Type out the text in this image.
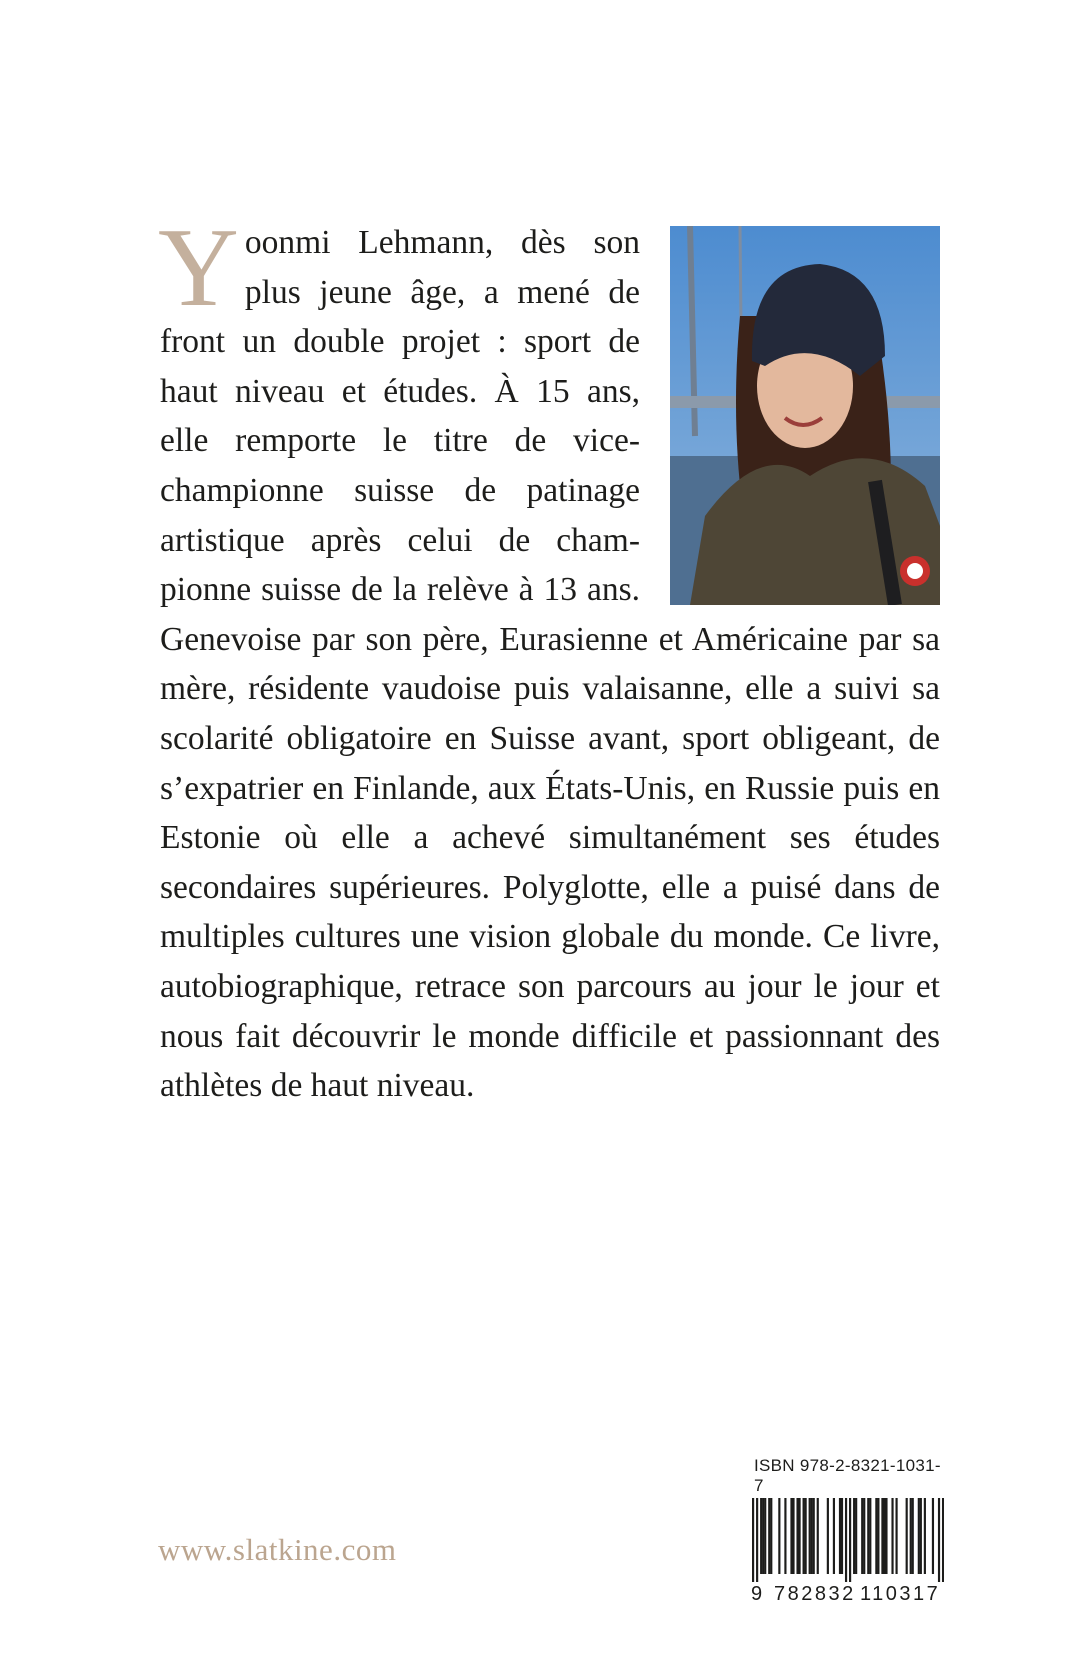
Y oonmi Lehmann, dès son plus jeune âge, a mené de front un double projet : sport de haut niveau et études. À 15 ans, elle remporte le titre de vice-championne suisse de patinage artistique après celui de championne suisse de la relève à 13 ans. Genevoise par son père, Eurasienne et Américaine par sa mère, résidente vaudoise puis valaisanne, elle a suivi sa scolarité obligatoire en Suisse avant, sport obligeant, de s’expatrier en Finlande, aux États-Unis, en Russie puis en Estonie où elle a achevé simultanément ses études secondaires supérieures. Polyglotte, elle a puisé dans de multiples cultures une vision globale du monde. Ce livre, autobiographique, retrace son parcours au jour le jour et nous fait découvrir le monde difficile et passionnant des athlètes de haut niveau.
www.slatkine.com
ISBN 978-2-8321-1031-7
9 782832 110317
